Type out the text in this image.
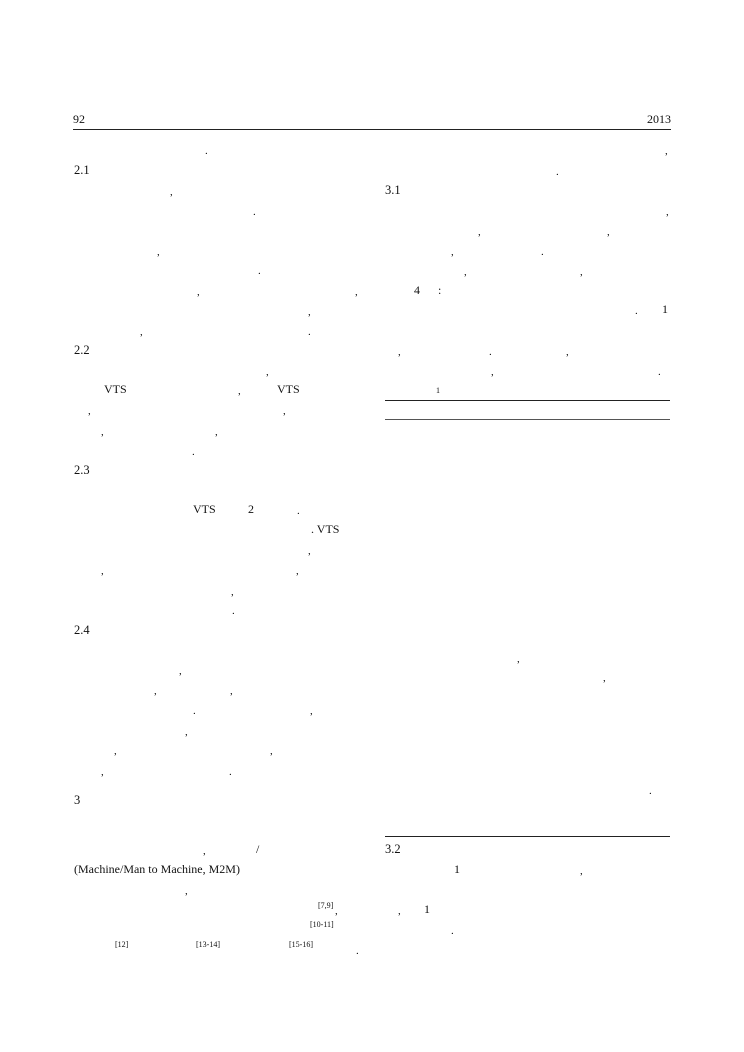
92	2013
.
2.1
,
.
,
.
,	,
,
,	.
2.2
,
VTS	,	VTS
,	,
,	,
.
2.3
VTS	2	.
. VTS
,
,	,
,
.
2.4
,
,	,
.	,
,
,	,
,	.
3
,	/
(Machine/Man to Machine, M2M)
,
[7,9] ,
[10-11]
[12]	[13-14]	[15-16]
.
,
.
3.1
,
,	,
,	.
,	,
4 :
. 1
,	.	,
,	.
1
,
,
.
3.2
1	,
, 1
.
